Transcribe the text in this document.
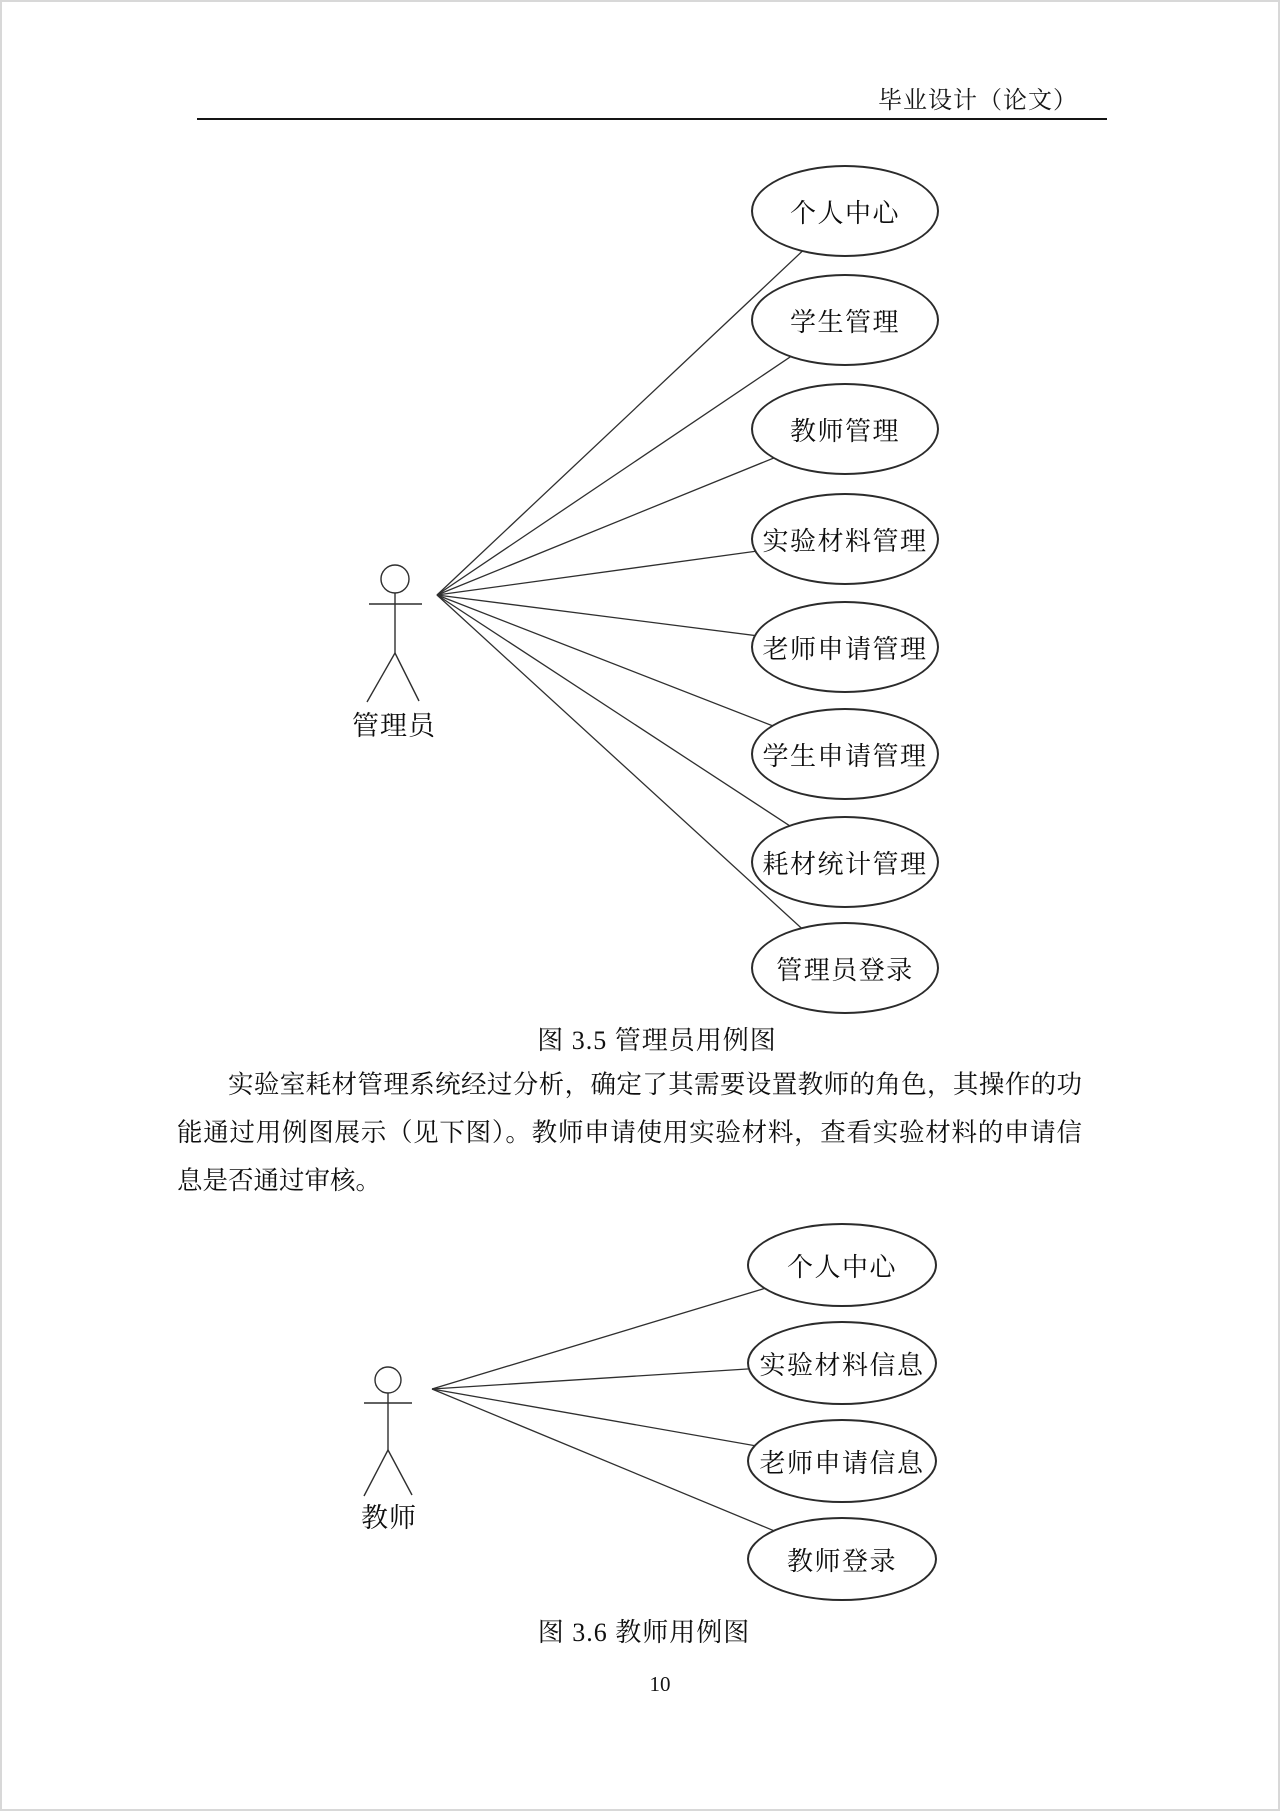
毕业设计（论文）
个人中心
学生管理
教师管理
实验材料管理
老师申请管理
学生申请管理
耗材统计管理
管理员登录
管理员
图 3.5 管理员用例图
实验室耗材管理系统经过分析，确定了其需要设置教师的角色，其操作的功
能通过用例图展示（见下图）。教师申请使用实验材料，查看实验材料的申请信
息是否通过审核。
个人中心
实验材料信息
老师申请信息
教师登录
教师
图 3.6 教师用例图
10
